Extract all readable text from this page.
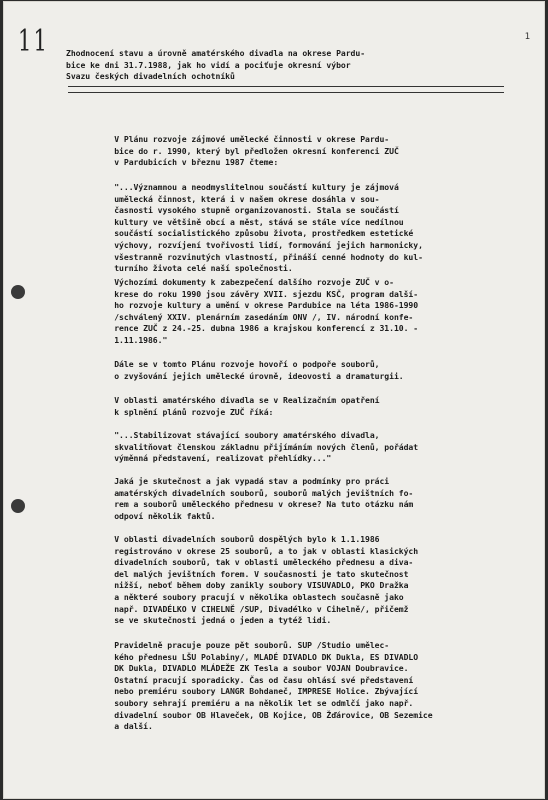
11	1
Zhodnocení stavu a úrovně amatérského divadla na okrese Pardu-
bice ke dni 31.7.1988, jak ho vidí a pociťuje okresní výbor
Svazu českých divadelních ochotníků
V Plánu rozvoje zájmové umělecké činnosti v okrese Pardu-
bice do r. 1990, který byl předložen okresní konferenci ZUČ
v Pardubicích v březnu 1987 čteme:
"...Významnou a neodmyslitelnou součástí kultury je zájmová
umělecká činnost, která i v našem okrese dosáhla v sou-
časnosti vysokého stupně organizovanosti. Stala se součástí
kultury ve většině obcí a měst, stává se stále více nedílnou
součástí socialistického způsobu života, prostředkem estetické
výchovy, rozvíjení tvořivosti lidí, formování jejich harmonicky,
všestranně rozvinutých vlastností, přináší cenné hodnoty do kul-
turního života celé naší společnosti.
Výchozími dokumenty k zabezpečení dalšího rozvoje ZUČ v o-
krese do roku 1990 jsou závěry XVII. sjezdu KSČ, program další-
ho rozvoje kultury a umění v okrese Pardubice na léta 1986-1990
/schválený XXIV. plenárním zasedáním ONV /, IV. národní konfe-
rence ZUČ z 24.-25. dubna 1986 a krajskou konferencí z 31.10. -
1.11.1986."
Dále se v tomto Plánu rozvoje hovoří o podpoře souborů,
o zvyšování jejich umělecké úrovně, ideovosti a dramaturgii.
V oblasti amatérského divadla se v Realizačním opatření
k splnění plánů rozvoje ZUČ říká:
"...Stabilizovat stávající soubory amatérského divadla,
skvalitňovat členskou základnu přijímáním nových členů, pořádat
výměnná představení, realizovat přehlídky..."
Jaká je skutečnost a jak vypadá stav a podmínky pro práci
amatérských divadelních souborů, souborů malých jevištních fo-
rem a souborů uměleckého přednesu v okrese? Na tuto otázku nám
odpoví několik faktů.
V oblasti divadelních souborů dospělých bylo k 1.1.1986
registrováno v okrese 25 souborů, a to jak v oblasti klasických
divadelních souborů, tak v oblasti uměleckého přednesu a diva-
del malých jevištních forem. V současnosti je tato skutečnost
nižší, neboť během doby zanikly soubory VISUVADLO, PKO Dražka
a některé soubory pracují v několika oblastech současně jako
např. DIVADÉLKO V CIHELNĚ /SUP, Divadélko v Cihelně/, přičemž
se ve skutečnosti jedná o jeden a tytéž lidi.
Pravidelně pracuje pouze pět souborů. SUP /Studio umělec-
kého přednesu LŠU Polabiny/, MLADÉ DIVADLO DK Dukla, ES DIVADLO
DK Dukla, DIVADLO MLÁDEŽE ZK Tesla a soubor VOJAN Doubravice.
Ostatní pracují sporadicky. Čas od času ohlásí své představení
nebo premiéru soubory LANGR Bohdaneč, IMPRESE Holice. Zbývající
soubory sehrají premiéru a na několik let se odmlčí jako např.
divadelní soubor OB Hlaveček, OB Kojice, OB Žďárovice, OB Sezemice
a další.
